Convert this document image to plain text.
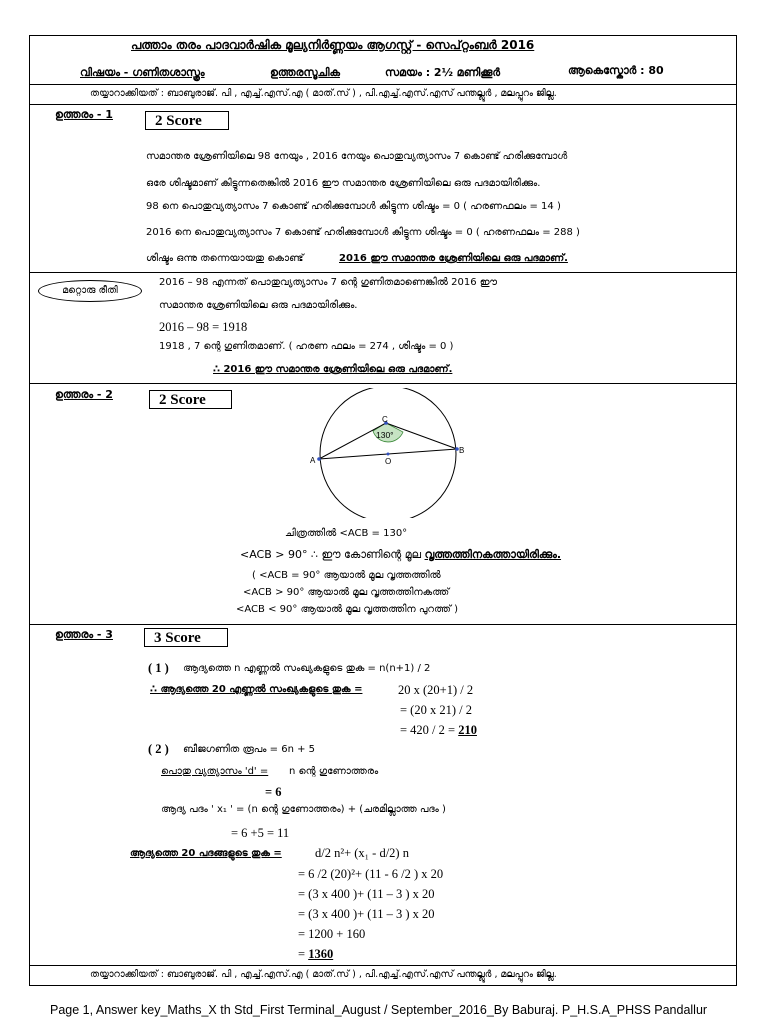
പത്താം തരം പാദവാർഷിക മൂല്യനിർണ്ണയം ആഗസ്റ്റ് - സെപ്റ്റംബർ 2016
വിഷയം - ഗണിതശാസ്ത്രം	ഉത്തരസൂചിക	സമയം : 2½ മണിക്കൂർ	ആകെസ്കോർ : 80
തയ്യാറാക്കിയത് : ബാബുരാജ്. പി , എച്ച്.എസ്.എ ( മാത്.സ് ) , പി.എച്ച്.എസ്.എസ് പന്തല്ലൂർ , മലപ്പുറം ജില്ല.
ഉത്തരം - 1	2 Score
സമാന്തര ശ്രേണിയിലെ 98 നേയും , 2016 നേയും പൊതുവ്യത്യാസം 7 കൊണ്ട് ഹരിക്കുമ്പോൾ
ഒരേ ശിഷ്ടമാണ് കിട്ടുന്നതെങ്കിൽ 2016 ഈ സമാന്തര ശ്രേണിയിലെ ഒരു പദമായിരിക്കും.
98 നെ പൊതുവ്യത്യാസം 7 കൊണ്ട് ഹരിക്കുമ്പോൾ കിട്ടുന്ന ശിഷ്ടം = 0 ( ഹരണഫലം = 14 )
2016 നെ പൊതുവ്യത്യാസം 7 കൊണ്ട് ഹരിക്കുമ്പോൾ കിട്ടുന്ന ശിഷ്ടം = 0 ( ഹരണഫലം = 288 )
ശിഷ്ടം ഒന്നു തന്നെയായതു കൊണ്ട്	2016 ഈ സമാന്തര ശ്രേണിയിലെ ഒരു പദമാണ്.
മറ്റൊരു രീതി
2016 – 98 എന്നത് പൊതുവ്യത്യാസം 7 ന്റെ ഗുണിതമാണെങ്കിൽ 2016 ഈ
സമാന്തര ശ്രേണിയിലെ ഒരു പദമായിരിക്കും.
2016 – 98 = 1918
1918 , 7 ന്റെ ഗുണിതമാണ്. ( ഹരണ ഫലം = 274 , ശിഷ്ടം = 0 )
∴ 2016 ഈ സമാന്തര ശ്രേണിയിലെ ഒരു പദമാണ്.
ഉത്തരം - 2	2 Score
A
B
C
O
130°
ചിത്രത്തിൽ <ACB = 130°
<ACB > 90° ∴ ഈ കോണിന്റെ മൂല വൃത്തത്തിനകത്തായിരിക്കും.
( <ACB = 90° ആയാൽ മൂല വൃത്തത്തിൽ
<ACB > 90° ആയാൽ മൂല വൃത്തത്തിനകത്ത്
<ACB < 90° ആയാൽ മൂല വൃത്തത്തിന പുറത്ത് )
ഉത്തരം - 3	3 Score
( 1 ) ആദ്യത്തെ n എണ്ണൽ സംഖ്യകളുടെ തുക = n(n+1) / 2
∴ ആദ്യത്തെ 20 എണ്ണൽ സംഖ്യകളുടെ തുക =	20 x (20+1) / 2
= (20 x 21) / 2
= 420 / 2 = 210
( 2 ) ബീജഗണിത രൂപം = 6n + 5
പൊതു വ്യത്യാസം 'd' = n ന്റെ ഗുണോത്തരം
= 6
ആദ്യ പദം ' x₁ ' = (n ന്റെ ഗുണോത്തരം) + (ചരമില്ലാത്ത പദം )
= 6 +5 = 11
ആദ്യത്തെ 20 പദങ്ങളുടെ തുക =	d/2 n²+ (x₁ - d/2) n
= 6 /2 (20)²+ (11 - 6 /2 ) x 20
= (3 x 400 )+ (11 – 3 ) x 20
= (3 x 400 )+ (11 – 3 ) x 20
= 1200 + 160
= 1360
തയ്യാറാക്കിയത് : ബാബുരാജ്. പി , എച്ച്.എസ്.എ ( മാത്.സ് ) , പി.എച്ച്.എസ്.എസ് പന്തല്ലൂർ , മലപ്പുറം ജില്ല.
Page 1, Answer key_Maths_X th Std_First Terminal_August / September_2016_By Baburaj. P_H.S.A_PHSS Pandallur
